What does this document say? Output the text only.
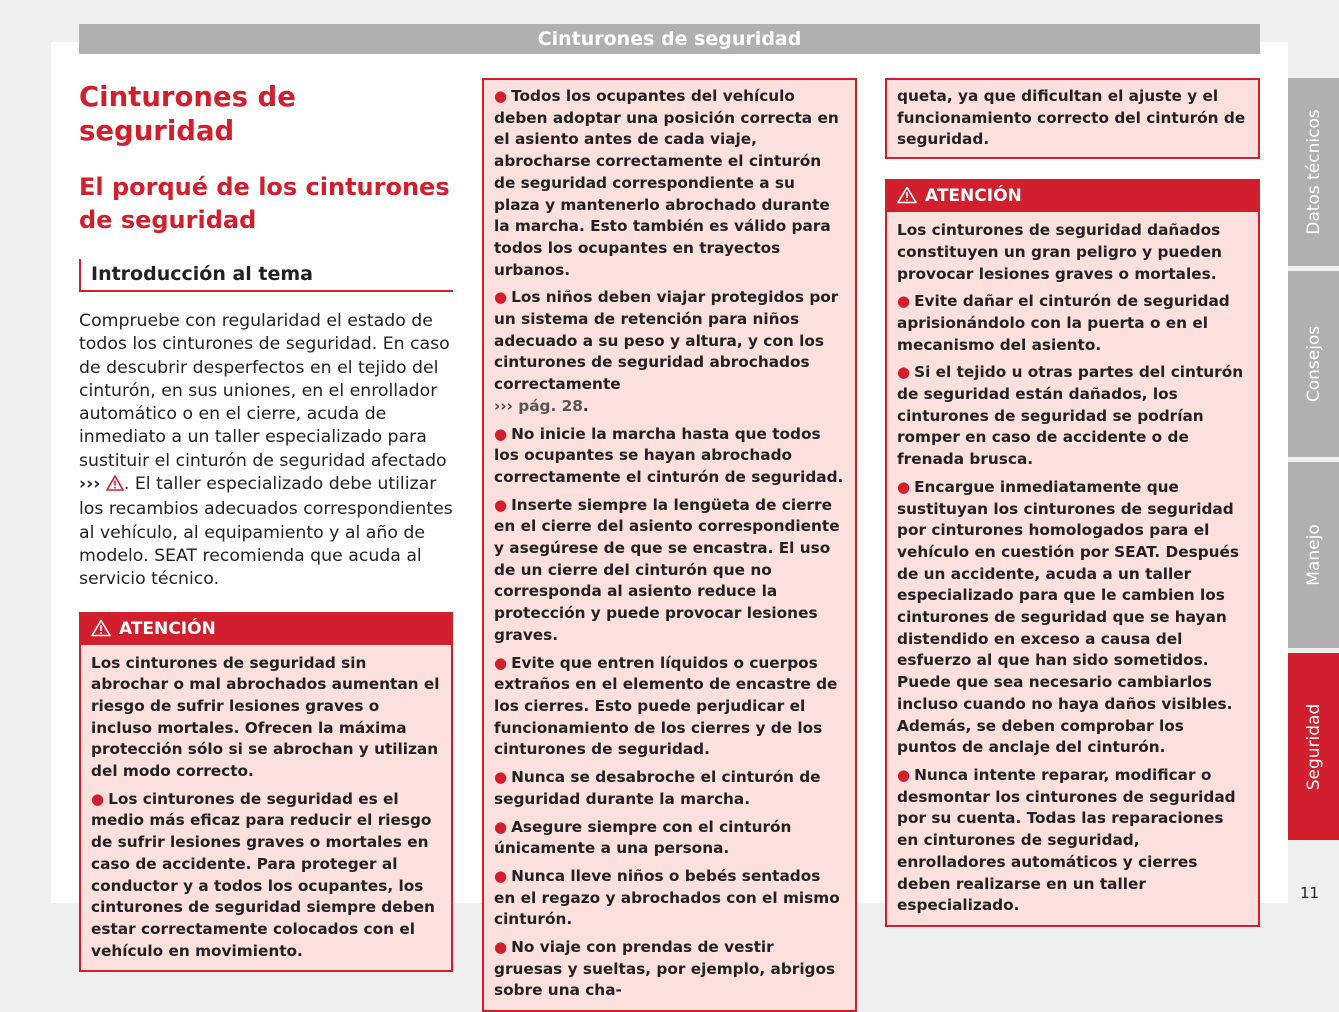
Cinturones de seguridad
Cinturones de seguridad
El porqué de los cinturones de seguridad
Introducción al tema

Compruebe con regularidad el estado de todos los cinturones de seguridad. En caso de descubrir desperfectos en el tejido del cinturón, en sus uniones, en el enrollador automático o en el cierre, acuda de inmediato a un taller especializado para sustituir el cinturón de seguridad afectado ››› . El taller especializado debe utilizar los recambios adecuados correspondientes al vehículo, al equipamiento y al año de modelo. SEAT recomienda que acuda al servicio técnico.

ATENCIÓN

Los cinturones de seguridad sin abrochar o mal abrochados aumentan el riesgo de sufrir lesiones graves o incluso mortales. Ofrecen la máxima protección sólo si se abrochan y utilizan del modo correcto.

● Los cinturones de seguridad es el medio más eficaz para reducir el riesgo de sufrir lesiones graves o mortales en caso de accidente. Para proteger al conductor y a todos los ocupantes, los cinturones de seguridad siempre deben estar correctamente colocados con el vehículo en movimiento.

● Todos los ocupantes del vehículo deben adoptar una posición correcta en el asiento antes de cada viaje, abrocharse correctamente el cinturón de seguridad correspondiente a su plaza y mantenerlo abrochado durante la marcha. Esto también es válido para todos los ocupantes en trayectos urbanos.

● Los niños deben viajar protegidos por un sistema de retención para niños adecuado a su peso y altura, y con los cinturones de seguridad abrochados correctamente
››› pág. 28.

● No inicie la marcha hasta que todos los ocupantes se hayan abrochado correctamente el cinturón de seguridad.

● Inserte siempre la lengüeta de cierre en el cierre del asiento correspondiente y asegúrese de que se encastra. El uso de un cierre del cinturón que no corresponda al asiento reduce la protección y puede provocar lesiones graves.

● Evite que entren líquidos o cuerpos extraños en el elemento de encastre de los cierres. Esto puede perjudicar el funcionamiento de los cierres y de los cinturones de seguridad.

● Nunca se desabroche el cinturón de seguridad durante la marcha.

● Asegure siempre con el cinturón únicamente a una persona.

● Nunca lleve niños o bebés sentados en el regazo y abrochados con el mismo cinturón.

● No viaje con prendas de vestir gruesas y sueltas, por ejemplo, abrigos sobre una cha-

queta, ya que dificultan el ajuste y el funcionamiento correcto del cinturón de seguridad.

ATENCIÓN

Los cinturones de seguridad dañados constituyen un gran peligro y pueden provocar lesiones graves o mortales.

● Evite dañar el cinturón de seguridad aprisionándolo con la puerta o en el mecanismo del asiento.

● Si el tejido u otras partes del cinturón de seguridad están dañados, los cinturones de seguridad se podrían romper en caso de accidente o de frenada brusca.

● Encargue inmediatamente que sustituyan los cinturones de seguridad por cinturones homologados para el vehículo en cuestión por SEAT. Después de un accidente, acuda a un taller especializado para que le cambien los cinturones de seguridad que se hayan distendido en exceso a causa del esfuerzo al que han sido sometidos. Puede que sea necesario cambiarlos incluso cuando no haya daños visibles. Además, se deben comprobar los puntos de anclaje del cinturón.

● Nunca intente reparar, modificar o desmontar los cinturones de seguridad por su cuenta. Todas las reparaciones en cinturones de seguridad, enrolladores automáticos y cierres deben realizarse en un taller especializado.

Datos técnicos
Consejos
Manejo
Seguridad
11
